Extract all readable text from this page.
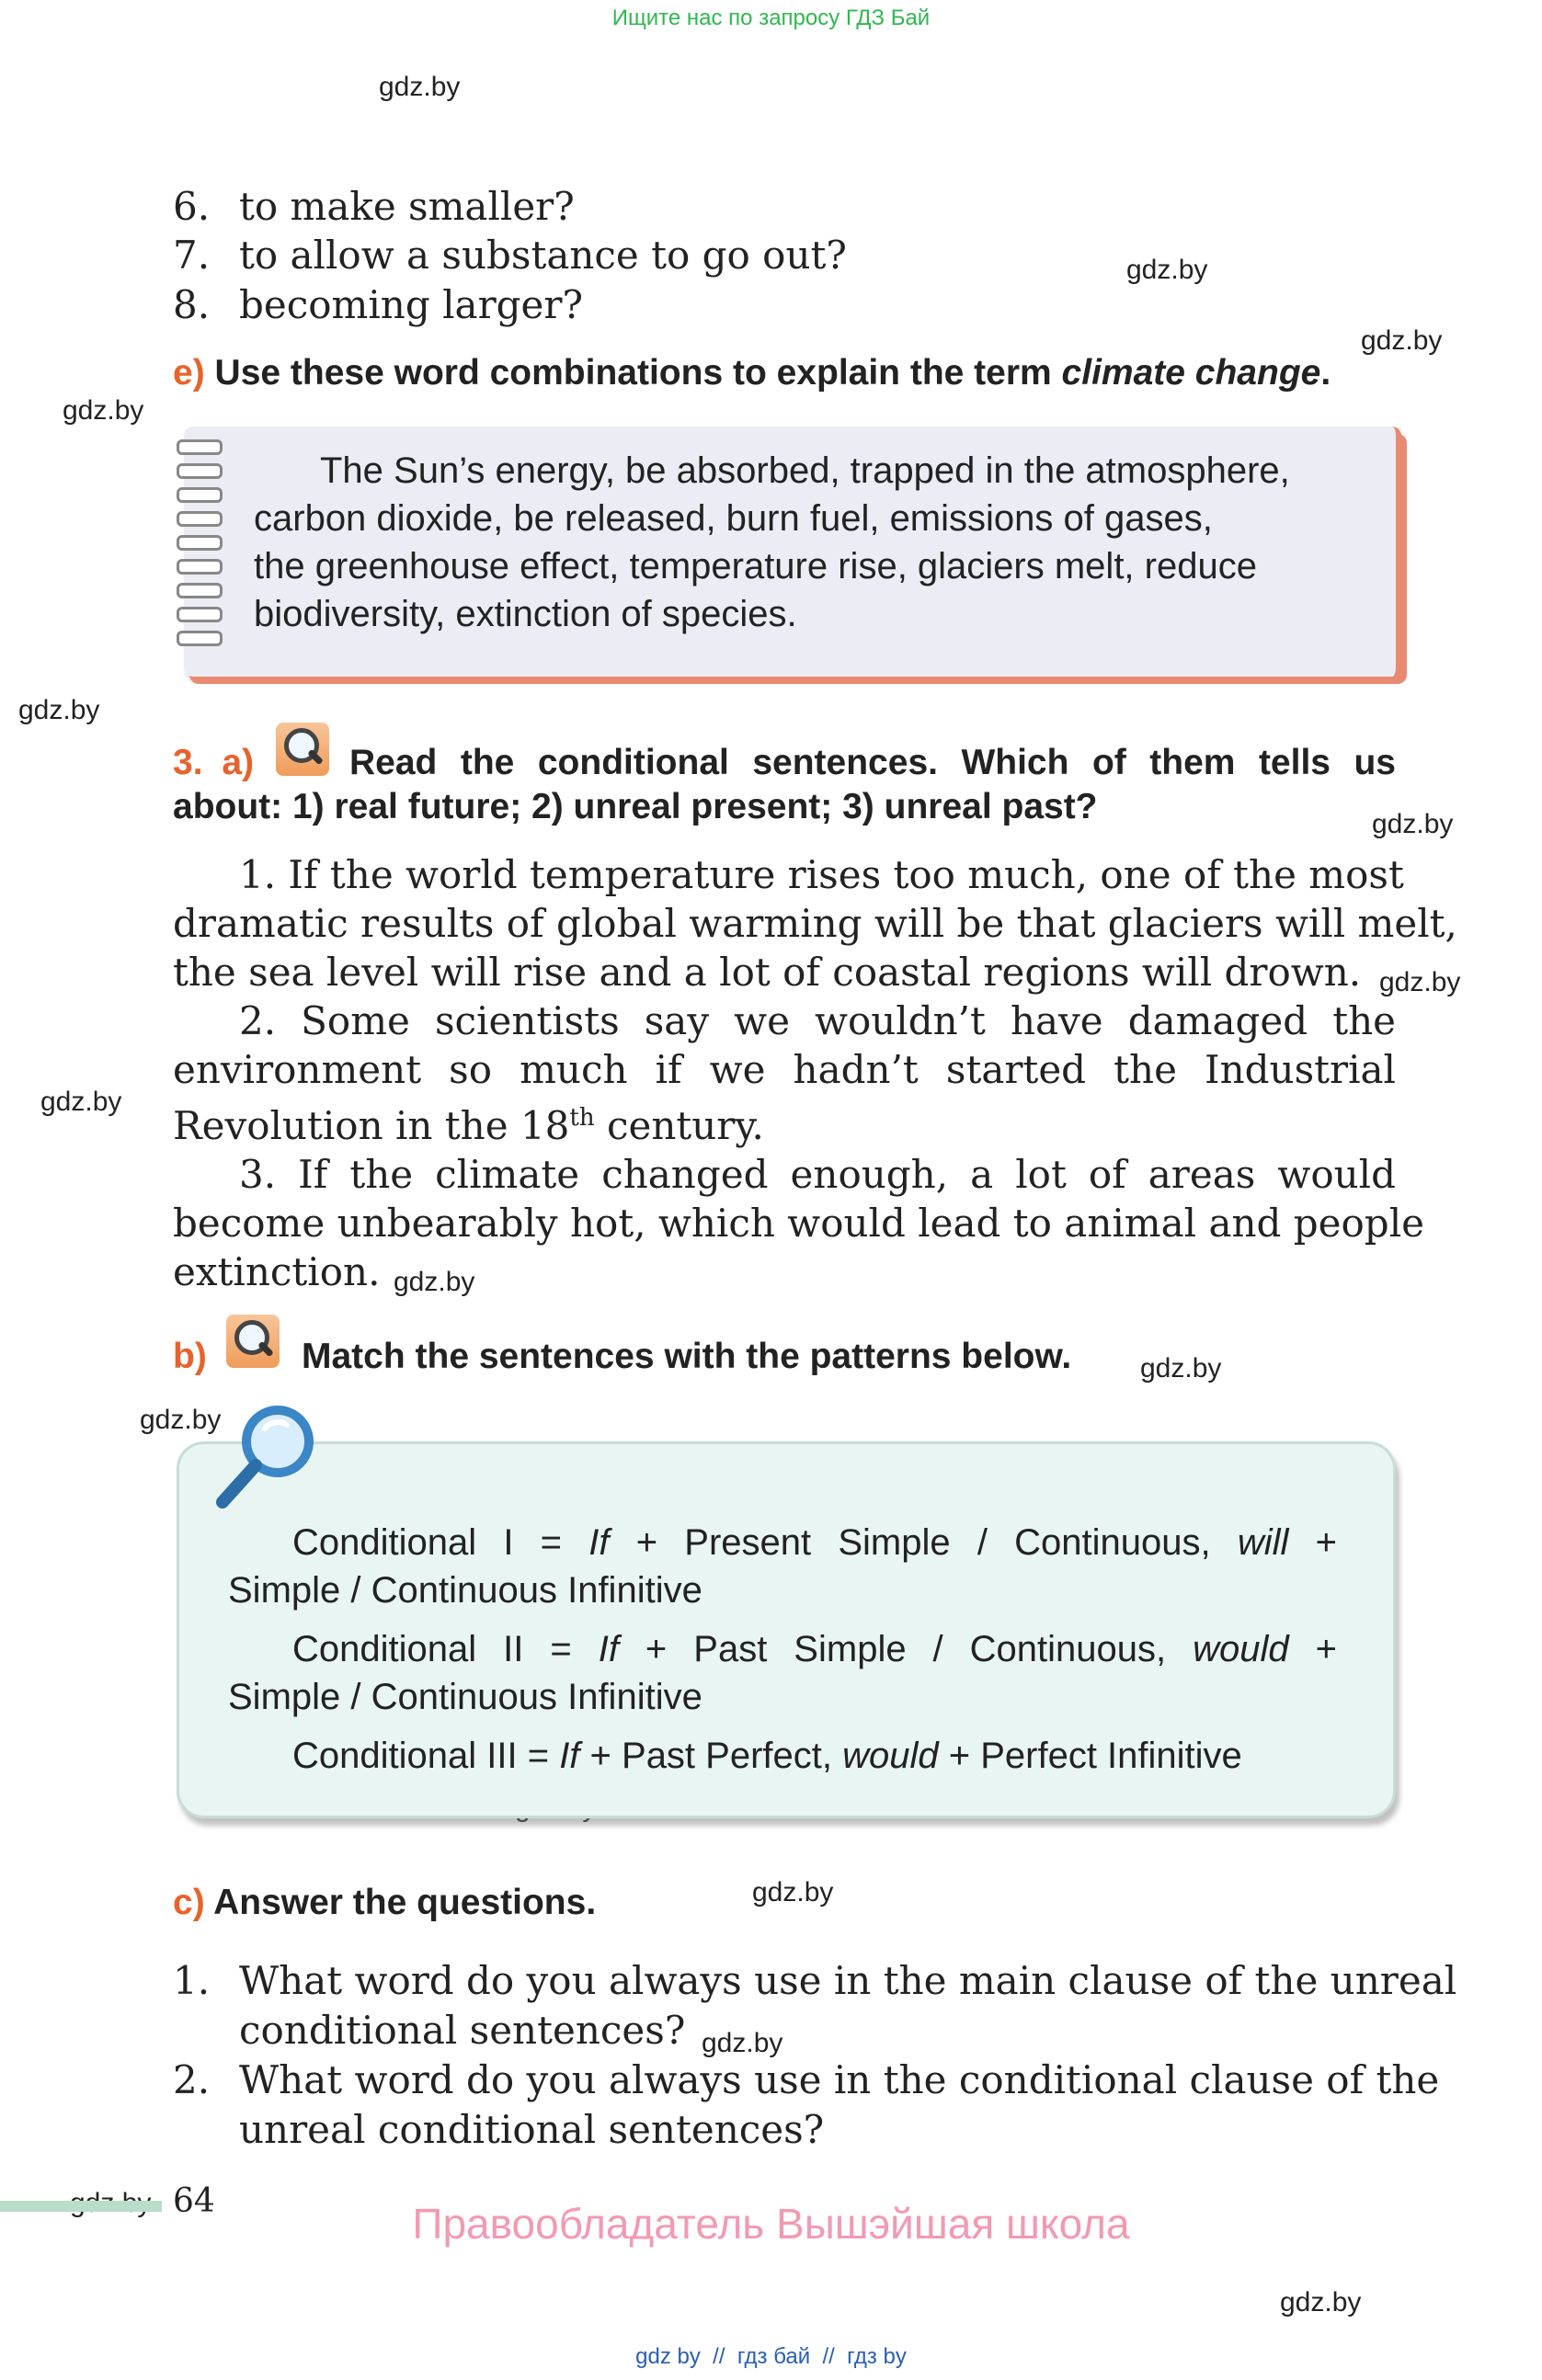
Ищите нас по запросу ГДЗ Бай
gdz.by
gdz.by
gdz.by
gdz.by
gdz.by
gdz.by
gdz.by
gdz.by
gdz.by
gdz.by
gdz.by
gdz.by
gdz.by
gdz.by
6. to make smaller?
7. to allow a substance to go out?
8. becoming larger?
e) Use these word combinations to explain the term climate change.
The Sun’s energy, be absorbed, trapped in the atmosphere,
carbon dioxide, be released, burn fuel, emissions of gases,
the greenhouse effect, temperature rise, glaciers melt, reduce
biodiversity, extinction of species.
3. a)	Read the conditional sentences. Which of them tells us
about: 1) real future; 2) unreal present; 3) unreal past?
1. If the world temperature rises too much, one of the most
dramatic results of global warming will be that glaciers will melt,
the sea level will rise and a lot of coastal regions will drown.
2. Some scientists say we wouldn’t have damaged the
environment so much if we hadn’t started the Industrial
Revolution in the 18th century.
3. If the climate changed enough, a lot of areas would
become unbearably hot, which would lead to animal and people
extinction.
b)	Match the sentences with the patterns below.
Conditional I = If + Present Simple / Continuous, will +
Simple / Continuous Infinitive
Conditional II = If + Past Simple / Continuous, would +
Simple / Continuous Infinitive
Conditional III = If + Past Perfect, would + Perfect Infinitive
c) Answer the questions.
1. What word do you always use in the main clause of the unreal
conditional sentences?
2. What word do you always use in the conditional clause of the
unreal conditional sentences?
64	Правообладатель Вышэйшая школа
gdz by  //  гдз бай  //  гдз by
